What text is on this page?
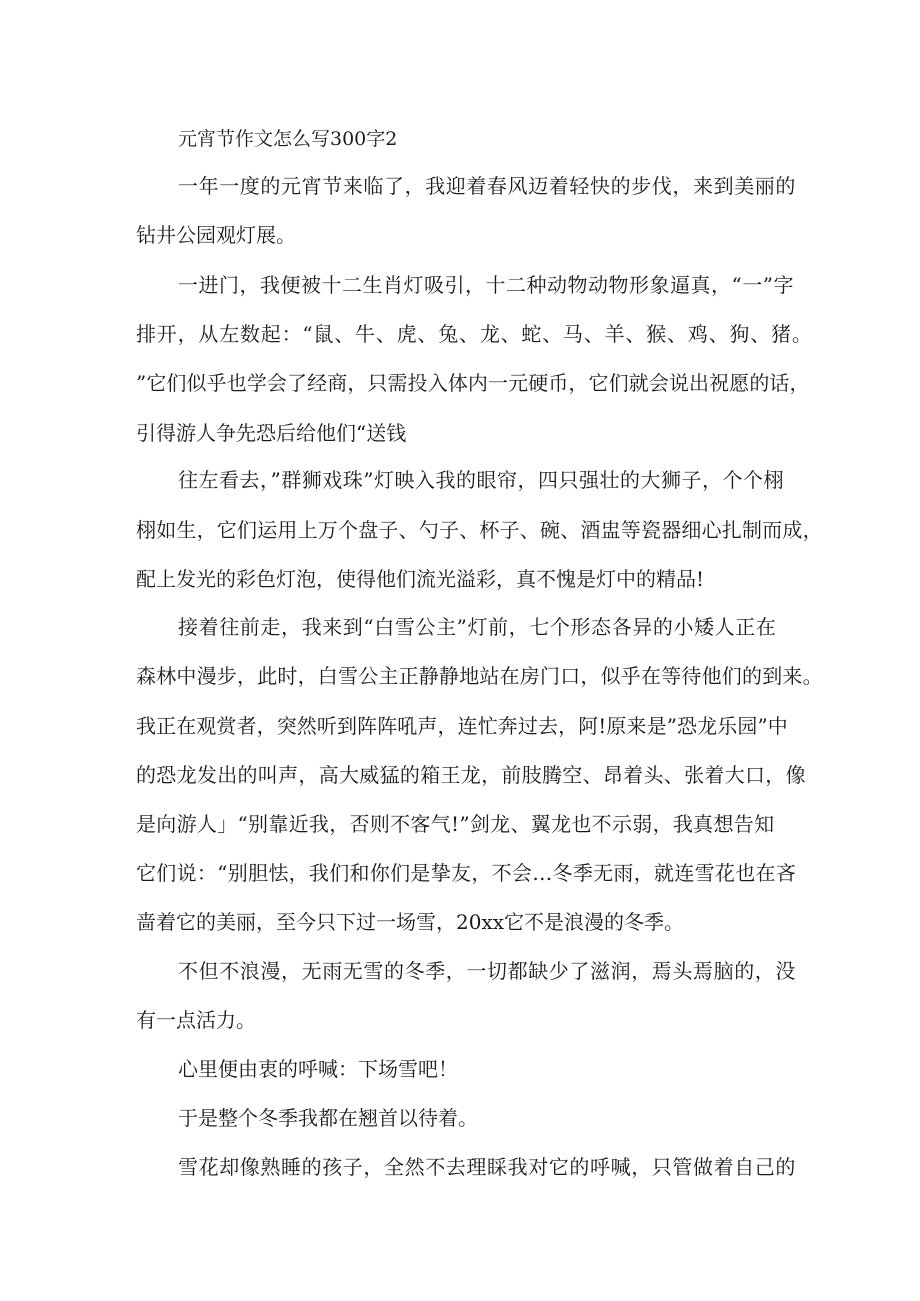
元宵节作文怎么写300字2
一年一度的元宵节来临了，我迎着春风迈着轻快的步伐，来到美丽的
钻井公园观灯展。
一进门，我便被十二生肖灯吸引，十二种动物动物形象逼真，“一”字
排开，从左数起：“鼠、牛、虎、兔、龙、蛇、马、羊、猴、鸡、狗、猪。
”它们似乎也学会了经商，只需投入体内一元硬币，它们就会说出祝愿的话，
引得游人争先恐后给他们“送钱
往左看去，”群狮戏珠”灯映入我的眼帘，四只强壮的大狮子，个个栩
栩如生，它们运用上万个盘子、勺子、杯子、碗、酒盅等瓷器细心扎制而成，
配上发光的彩色灯泡，使得他们流光溢彩，真不愧是灯中的精品!
接着往前走，我来到“白雪公主”灯前，七个形态各异的小矮人正在
森林中漫步，此时，白雪公主正静静地站在房门口，似乎在等待他们的到来。
我正在观赏者，突然听到阵阵吼声，连忙奔过去，阿!原来是”恐龙乐园”中
的恐龙发出的叫声，高大威猛的箱王龙，前肢腾空、昂着头、张着大口，像
是向游人」“别靠近我，否则不客气!”剑龙、翼龙也不示弱，我真想告知
它们说：“别胆怯，我们和你们是挚友，不会…冬季无雨，就连雪花也在吝
啬着它的美丽，至今只下过一场雪，20xx它不是浪漫的冬季。
不但不浪漫，无雨无雪的冬季，一切都缺少了滋润，焉头焉脑的，没
有一点活力。
心里便由衷的呼喊：下场雪吧！
于是整个冬季我都在翘首以待着。
雪花却像熟睡的孩子，全然不去理睬我对它的呼喊，只管做着自己的
